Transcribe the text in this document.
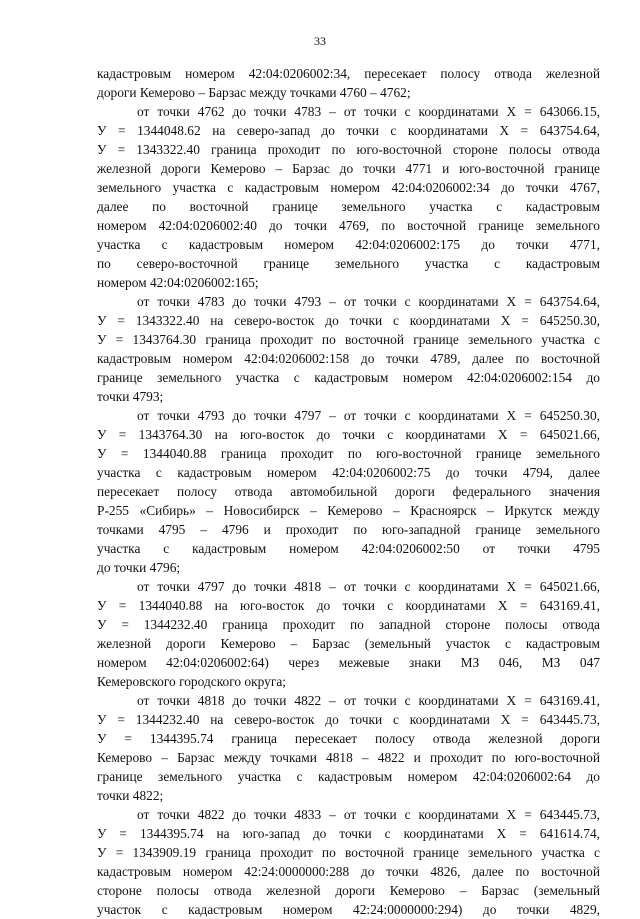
33
кадастровым номером 42:04:0206002:34, пересекает полосу отвода железной
дороги Кемерово – Барзас между точками 4760 – 4762;
от точки 4762 до точки 4783 – от точки с координатами X = 643066.15,
У = 1344048.62 на северо-запад до точки с координатами X = 643754.64,
У = 1343322.40 граница проходит по юго-восточной стороне полосы отвода
железной дороги Кемерово – Барзас до точки 4771 и юго-восточной границе
земельного участка с кадастровым номером 42:04:0206002:34 до точки 4767,
далее по восточной границе земельного участка с кадастровым
номером 42:04:0206002:40 до точки 4769, по восточной границе земельного
участка с кадастровым номером 42:04:0206002:175 до точки 4771,
по северо-восточной границе земельного участка с кадастровым
номером 42:04:0206002:165;
от точки 4783 до точки 4793 – от точки с координатами X = 643754.64,
У = 1343322.40 на северо-восток до точки с координатами X = 645250.30,
У = 1343764.30 граница проходит по восточной границе земельного участка с
кадастровым номером 42:04:0206002:158 до точки 4789, далее по восточной
границе земельного участка с кадастровым номером 42:04:0206002:154 до
точки 4793;
от точки 4793 до точки 4797 – от точки с координатами X = 645250.30,
У = 1343764.30 на юго-восток до точки с координатами X = 645021.66,
У = 1344040.88 граница проходит по юго-восточной границе земельного
участка с кадастровым номером 42:04:0206002:75 до точки 4794, далее
пересекает полосу отвода автомобильной дороги федерального значения
Р-255 «Сибирь» – Новосибирск – Кемерово – Красноярск – Иркутск между
точками 4795 – 4796 и проходит по юго-западной границе земельного
участка с кадастровым номером 42:04:0206002:50 от точки 4795
до точки 4796;
от точки 4797 до точки 4818 – от точки с координатами X = 645021.66,
У = 1344040.88 на юго-восток до точки с координатами X = 643169.41,
У = 1344232.40 граница проходит по западной стороне полосы отвода
железной дороги Кемерово – Барзас (земельный участок с кадастровым
номером 42:04:0206002:64) через межевые знаки МЗ 046, МЗ 047
Кемеровского городского округа;
от точки 4818 до точки 4822 – от точки с координатами X = 643169.41,
У = 1344232.40 на северо-восток до точки с координатами X = 643445.73,
У = 1344395.74 граница пересекает полосу отвода железной дороги
Кемерово – Барзас между точками 4818 – 4822 и проходит по юго-восточной
границе земельного участка с кадастровым номером 42:04:0206002:64 до
точки 4822;
от точки 4822 до точки 4833 – от точки с координатами X = 643445.73,
У = 1344395.74 на юго-запад до точки с координатами X = 641614.74,
У = 1343909.19 граница проходит по восточной границе земельного участка с
кадастровым номером 42:24:0000000:288 до точки 4826, далее по восточной
стороне полосы отвода железной дороги Кемерово – Барзас (земельный
участок с кадастровым номером 42:24:0000000:294) до точки 4829,
